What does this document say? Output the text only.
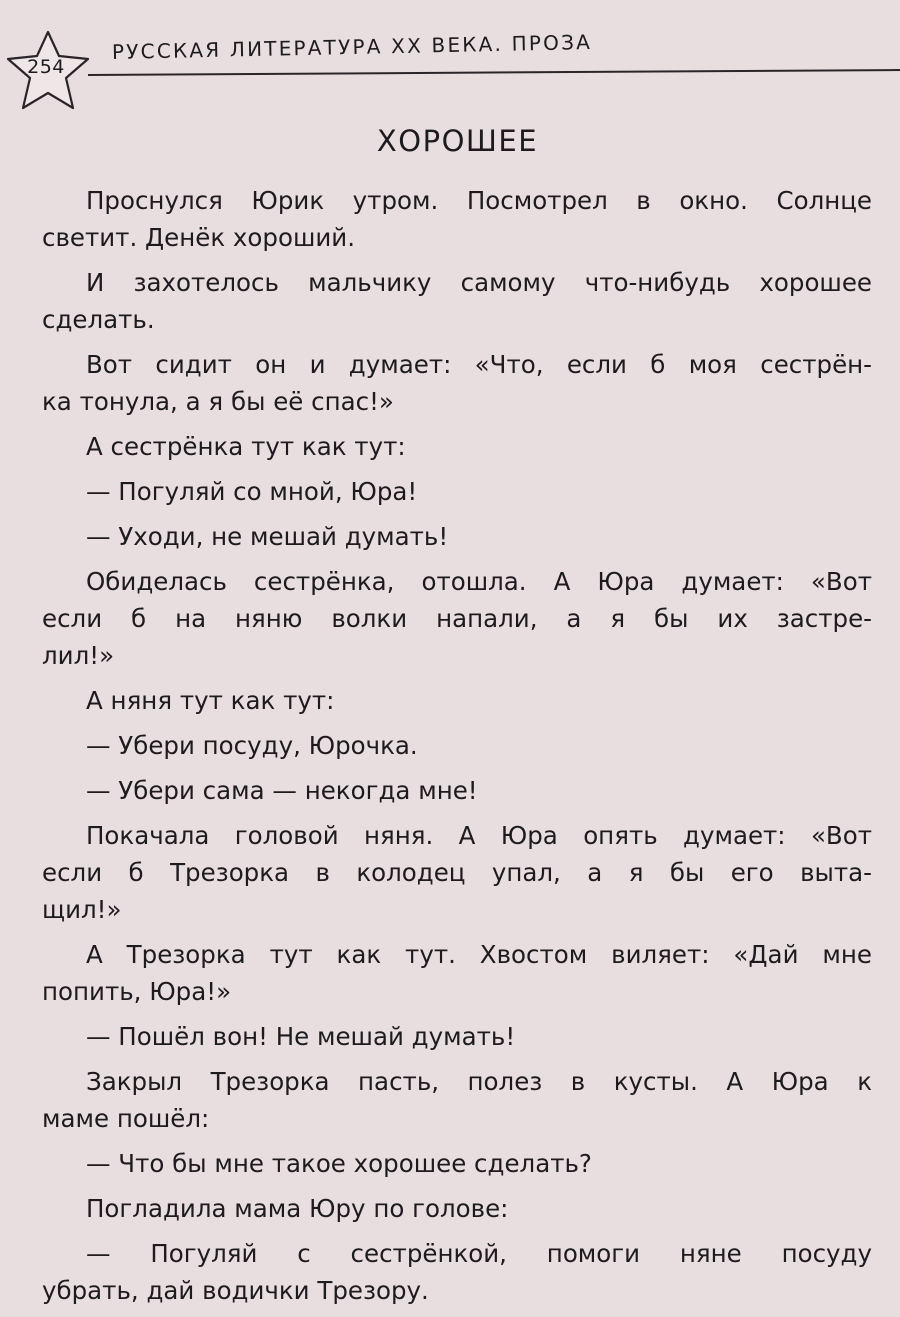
254
РУССКАЯ ЛИТЕРАТУРА XX ВЕКА. ПРОЗА
ХОРОШЕЕ
Проснулся Юрик утром. Посмотрел в окно. Солнце
светит. Денёк хороший.
И захотелось мальчику самому что-нибудь хорошее
сделать.
Вот сидит он и думает: «Что, если б моя сестрён-
ка тонула, а я бы её спас!»
А сестрёнка тут как тут:
— Погуляй со мной, Юра!
— Уходи, не мешай думать!
Обиделась сестрёнка, отошла. А Юра думает: «Вот
если б на няню волки напали, а я бы их застре-
лил!»
А няня тут как тут:
— Убери посуду, Юрочка.
— Убери сама — некогда мне!
Покачала головой няня. А Юра опять думает: «Вот
если б Трезорка в колодец упал, а я бы его выта-
щил!»
А Трезорка тут как тут. Хвостом виляет: «Дай мне
попить, Юра!»
— Пошёл вон! Не мешай думать!
Закрыл Трезорка пасть, полез в кусты. А Юра к
маме пошёл:
— Что бы мне такое хорошее сделать?
Погладила мама Юру по голове:
— Погуляй с сестрёнкой, помоги няне посуду
убрать, дай водички Трезору.
